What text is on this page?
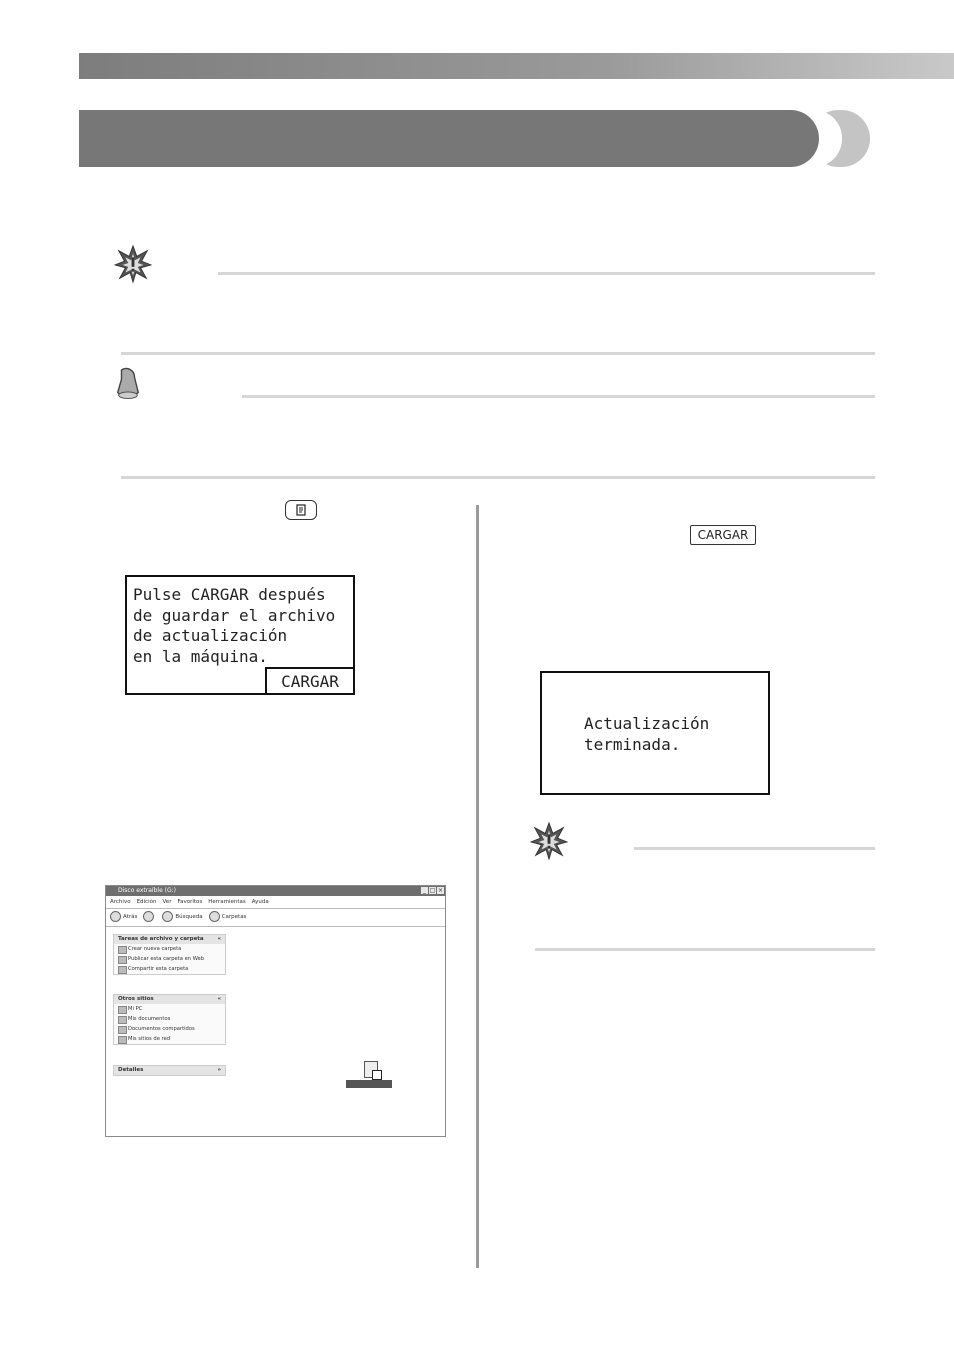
Pulse CARGAR después
de guardar el archivo
de actualización
en la máquina.
CARGAR
Disco extraíble (G:)	_ □ ×
Archivo Edición Ver Favoritos Herramientas Ayuda
Atrás	Búsqueda	Carpetas
Tareas de archivo y carpeta	«
Crear nueva carpeta
Publicar esta carpeta en Web
Compartir esta carpeta
Otros sitios	«
Mi PC
Mis documentos
Documentos compartidos
Mis sitios de red
Detalles	»
CARGAR
Actualización
terminada.
